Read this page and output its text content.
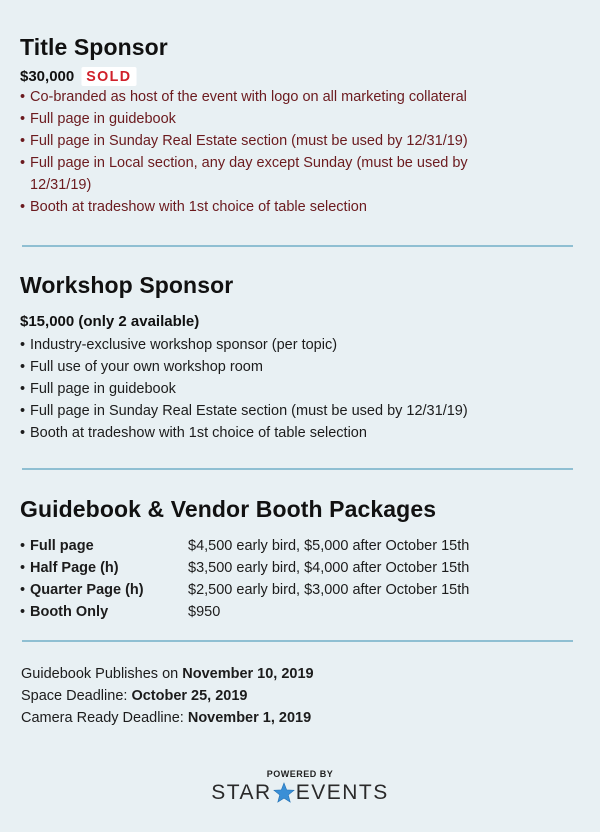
Title Sponsor
$30,000 SOLD
• Co-branded as host of the event with logo on all marketing collateral
• Full page in guidebook
• Full page in Sunday Real Estate section (must be used by 12/31/19)
• Full page in Local section, any day except Sunday (must be used by 12/31/19)
• Booth at tradeshow with 1st choice of table selection
Workshop Sponsor
$15,000 (only 2 available)
• Industry-exclusive workshop sponsor (per topic)
• Full use of your own workshop room
• Full page in guidebook
• Full page in Sunday Real Estate section (must be used by 12/31/19)
• Booth at tradeshow with 1st choice of table selection
Guidebook & Vendor Booth Packages
• Full page	$4,500 early bird, $5,000 after October 15th
• Half Page (h)	$3,500 early bird, $4,000 after October 15th
• Quarter Page (h)	$2,500 early bird, $3,000 after October 15th
• Booth Only	$950

Guidebook Publishes on November 10, 2019

Space Deadline: October 25, 2019

Camera Ready Deadline: November 1, 2019

POWERED BY
STAR EVENTS
